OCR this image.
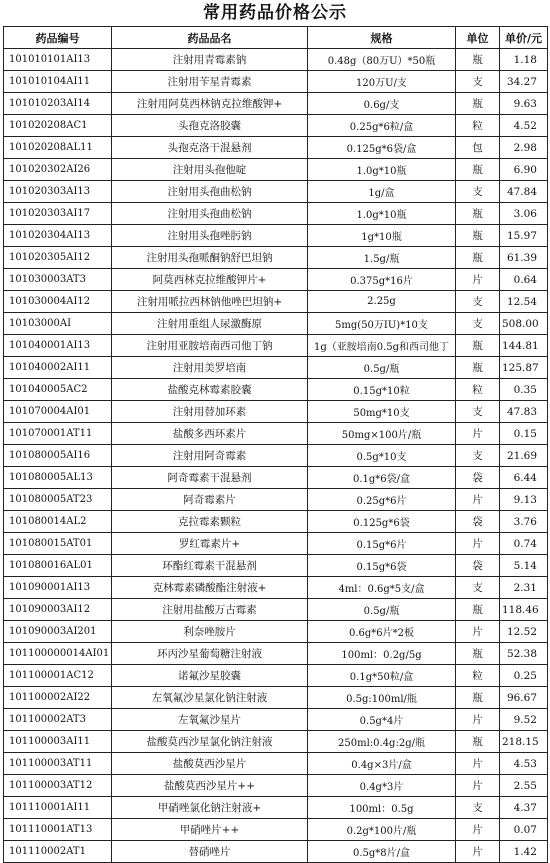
常用药品价格公示
药品编号	药品品名	规格	单位	单价/元
101010101AI13	注射用青霉素钠	0.48g（80万U）*50瓶	瓶	1.18
101010104AI11	注射用苄星青霉素	120万U/支	支	34.27
101010203AI14	注射用阿莫西林钠克拉维酸钾+	0.6g/支	瓶	9.63
101020208AC1	头孢克洛胶囊	0.25g*6粒/盒	粒	4.52
101020208AL11	头孢克洛干混悬剂	0.125g*6袋/盒	包	2.98
101020302AI26	注射用头孢他啶	1.0g*10瓶	瓶	6.90
101020303AI13	注射用头孢曲松钠	1g/盒	支	47.84
101020303AI17	注射用头孢曲松钠	1.0g*10瓶	瓶	3.06
101020304AI13	注射用头孢唑肟钠	1g*10瓶	瓶	15.97
101020305AI12	注射用头孢哌酮钠舒巴坦钠	1.5g/瓶	瓶	61.39
101030003AT3	阿莫西林克拉维酸钾片+	0.375g*16片	片	0.64
101030004AI12	注射用哌拉西林钠他唑巴坦钠+	2.25g	支	12.54
10103000AI	注射用重组人尿激酶原	5mg(50万IU)*10支	支	508.00
101040001AI13	注射用亚胺培南西司他丁钠	1g（亚胺培南0.5g和西司他丁	瓶	144.81
101040002AI11	注射用美罗培南	0.5g/瓶	瓶	125.87
101040005AC2	盐酸克林霉素胶囊	0.15g*10粒	粒	0.35
101070004AI01	注射用替加环素	50mg*10支	支	47.83
101070001AT11	盐酸多西环素片	50mg×100片/瓶	片	0.15
101080005AI16	注射用阿奇霉素	0.5g*10支	支	21.69
101080005AL13	阿奇霉素干混悬剂	0.1g*6袋/盒	袋	6.44
101080005AT23	阿奇霉素片	0.25g*6片	片	9.13
101080014AL2	克拉霉素颗粒	0.125g*6袋	袋	3.76
101080015AT01	罗红霉素片+	0.15g*6片	片	0.74
101080016AL01	环酯红霉素干混悬剂	0.15g*6袋	袋	5.14
101090001AI13	克林霉素磷酸酯注射液+	4ml：0.6g*5支/盒	支	2.31
101090003AI12	注射用盐酸万古霉素	0.5g/瓶	瓶	118.46
101090003AI201	利奈唑胺片	0.6g*6片*2板	片	12.52
101100000014AI01	环丙沙星葡萄糖注射液	100ml：0.2g/5g	瓶	52.38
101100001AC12	诺氟沙星胶囊	0.1g*50粒/盒	粒	0.25
101100002AI22	左氧氟沙星氯化钠注射液	0.5g:100ml/瓶	瓶	96.67
101100002AT3	左氧氟沙星片	0.5g*4片	片	9.52
101100003AI11	盐酸莫西沙星氯化钠注射液	250ml:0.4g:2g/瓶	瓶	218.15
101100003AT11	盐酸莫西沙星片	0.4g×3片/盒	片	4.53
101100003AT12	盐酸莫西沙星片++	0.4g*3片	片	2.55
101110001AI11	甲硝唑氯化钠注射液+	100ml：0.5g	支	4.37
101110001AT13	甲硝唑片++	0.2g*100片/瓶	片	0.07
101110002AT1	替硝唑片	0.5g*8片/盒	片	1.42
